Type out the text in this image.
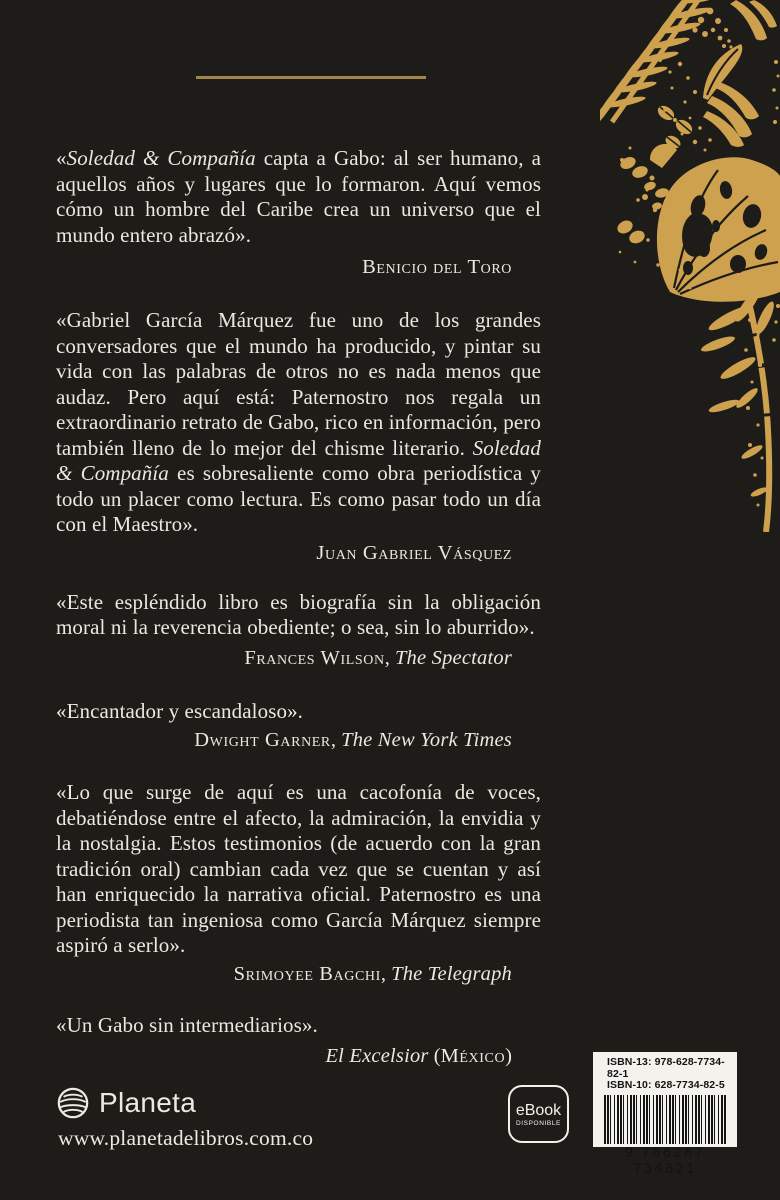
«Soledad & Compañía capta a Gabo: al ser humano, a aquellos años y lugares que lo formaron. Aquí vemos cómo un hombre del Caribe crea un universo que el mundo entero abrazó».

Benicio del Toro

«Gabriel García Márquez fue uno de los grandes conversadores que el mundo ha producido, y pintar su vida con las palabras de otros no es nada menos que audaz. Pero aquí está: Paternostro nos regala un extraordinario retrato de Gabo, rico en información, pero también lleno de lo mejor del chisme literario. Soledad & Compañía es sobresaliente como obra periodística y todo un placer como lectura. Es como pasar todo un día con el Maestro».

Juan Gabriel Vásquez

«Este espléndido libro es biografía sin la obligación moral ni la reverencia obediente; o sea, sin lo aburrido».

Frances Wilson, The Spectator

«Encantador y escandaloso».

Dwight Garner, The New York Times

«Lo que surge de aquí es una cacofonía de voces, debatiéndose entre el afecto, la admiración, la envidia y la nostalgia. Estos testimonios (de acuerdo con la gran tradición oral) cambian cada vez que se cuentan y así han enriquecido la narrativa oficial. Paternostro es una periodista tan ingeniosa como García Márquez siempre aspiró a serlo».

Srimoyee Bagchi, The Telegraph

«Un Gabo sin intermediarios».

El Excelsior (México)

Planeta
www.planetadelibros.com.co
eBook
DISPONIBLE
ISBN-13: 978-628-7734-82-1
ISBN-10: 628-7734-82-5
9 786287 734821
